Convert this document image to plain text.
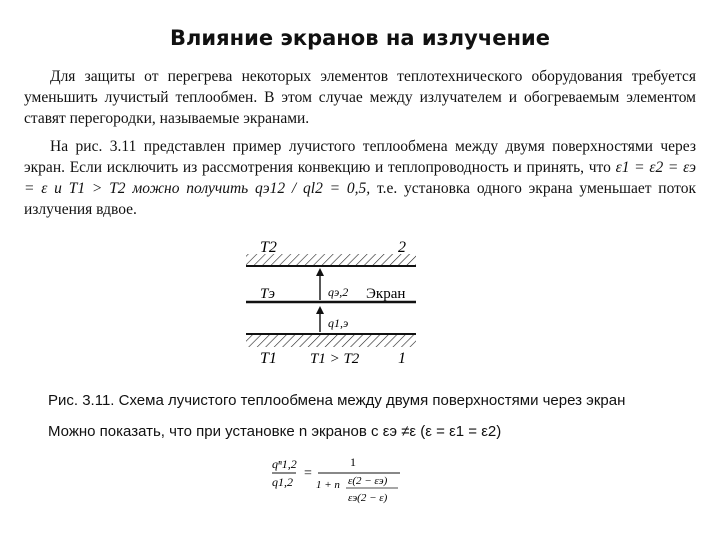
Влияние экранов на излучение
Для защиты от перегрева некоторых элементов теплотехнического оборудования требуется уменьшить лучистый теплообмен. В этом случае между излучателем и обогреваемым элементом ставят перегородки, называемые экранами.
На рис. 3.11 представлен пример лучистого теплообмена между двумя поверхностями через экран. Если исключить из рассмотрения конвекцию и теплопроводность и принять, что ε1 = ε2 = εэ = ε и T1 > T2 можно получить qэ12 / ql2 = 0,5, т.е. установка одного экрана уменьшает поток излучения вдвое.
T2	2
Tэ	qэ,2 Экран
q1,э
T1 T1 > T2 1
Рис. 3.11. Схема лучистого теплообмена между двумя поверхностями через экран
Можно показать, что при установке n экранов с εэ ≠ε (ε = ε1 = ε2)
qⁿ1,2
q1,2
=
1
1 + n ε(2 − εэ)
εэ(2 − ε)
